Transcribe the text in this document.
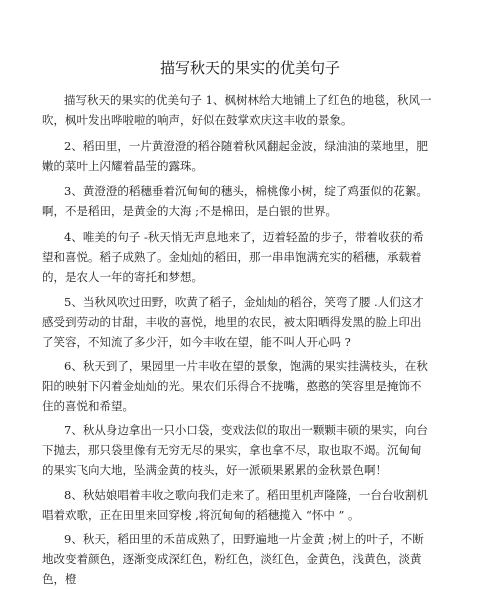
描写秋天的果实的优美句子

描写秋天的果实的优美句子 1、枫树林给大地铺上了红色的地毯，秋风一吹，枫叶发出哗啦啦的响声，好似在鼓掌欢庆这丰收的景象。

2、稻田里，一片黄澄澄的稻谷随着秋风翻起金波，绿油油的菜地里，肥嫩的菜叶上闪耀着晶莹的露珠。

3、黄澄澄的稻穗垂着沉甸甸的穗头，棉桃像小树，绽了鸡蛋似的花絮。啊，不是稻田，是黄金的大海 ;不是棉田，是白银的世界。

4、唯美的句子 -秋天悄无声息地来了，迈着轻盈的步子，带着收获的希望和喜悦。稻子成熟了。金灿灿的稻田，那一串串饱满充实的稻穗，承载着的，是农人一年的寄托和梦想。

5、当秋风吹过田野，吹黄了稻子，金灿灿的稻谷，笑弯了腰 .人们这才感受到劳动的甘甜，丰收的喜悦，地里的农民，被太阳晒得发黑的脸上印出了笑容，不知流了多少汗，如今丰收在望，能不叫人开心吗 ?

6、秋天到了，果园里一片丰收在望的景象，饱满的果实挂满枝头，在秋阳的映射下闪着金灿灿的光。果农们乐得合不拢嘴，憨憨的笑容里是掩饰不住的喜悦和希望。

7、秋从身边拿出一只小口袋，变戏法似的取出一颗颗丰硕的果实，向台下抛去，那只袋里像有无穷无尽的果实，拿也拿不尽，取也取不竭。沉甸甸的果实飞向大地，坠满金黄的枝头，好一派硕果累累的金秋景色啊！

8、秋姑娘唱着丰收之歌向我们走来了。稻田里机声隆隆，一台台收割机唱着欢歌，正在田里来回穿梭 ,将沉甸甸的稻穗揽入 “怀中 ” 。

9、秋天，稻田里的禾苗成熟了，田野遍地一片金黄 ;树上的叶子，不断地改变着颜色，逐渐变成深红色，粉红色，淡红色，金黄色，浅黄色，淡黄色，橙
